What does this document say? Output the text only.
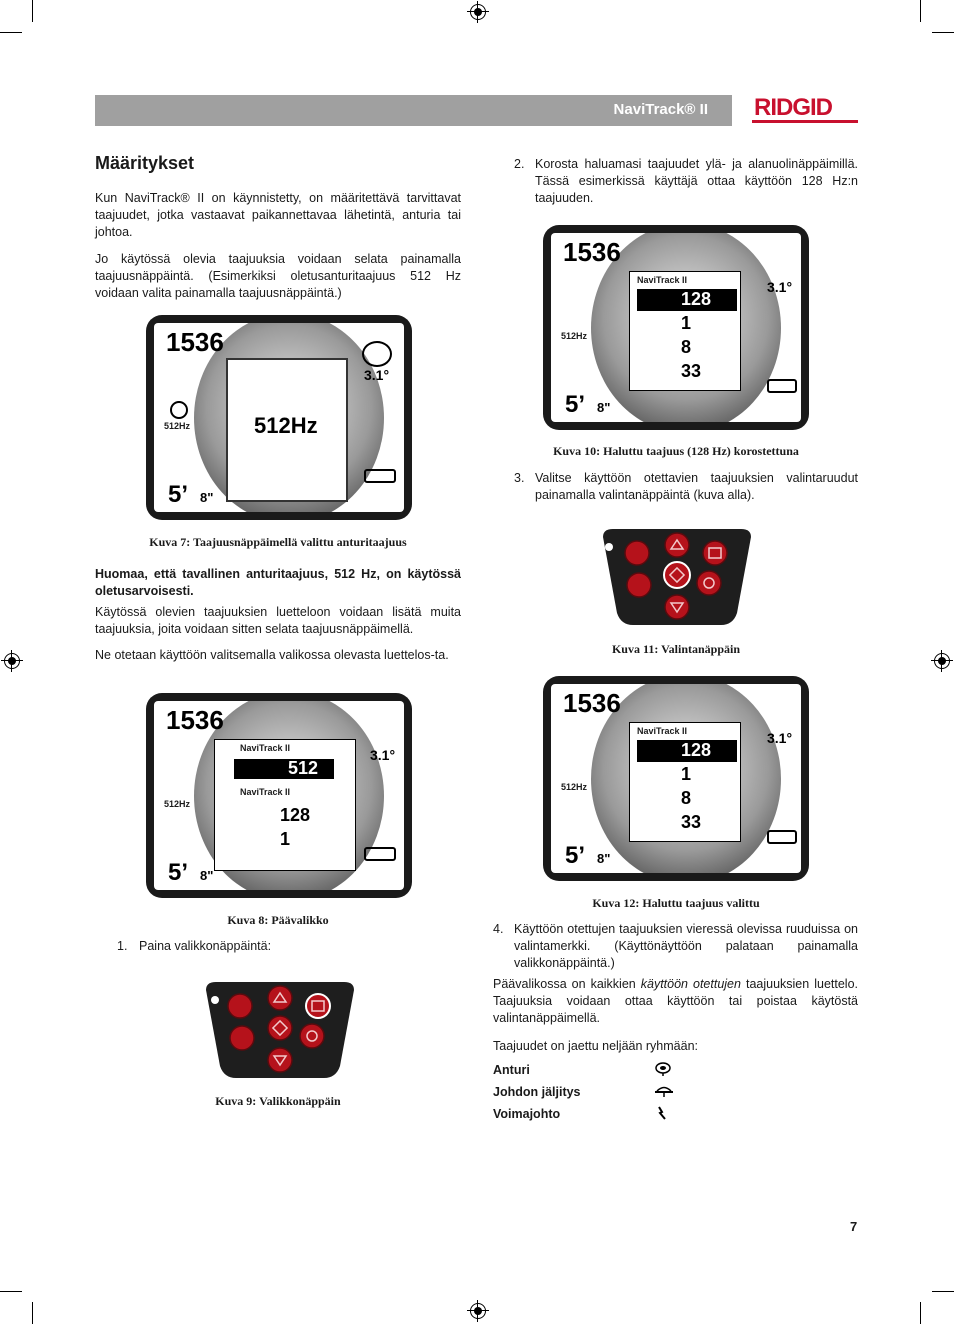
NaviTrack® II RIDGID
Määritykset

Kun NaviTrack® II on käynnistetty, on määritettävä tarvittavat taajuudet, jotka vastaavat paikannettavaa lähetintä, anturia tai johtoa.

Jo käytössä olevia taajuuksia voidaan selata painamalla taajuusnäppäintä. (Esimerkiksi oletusanturitaajuus 512 Hz voidaan valita painamalla taajuusnäppäintä.)

1536
3.1°
512Hz
512Hz
5’ 8"
Kuva 7: Taajuusnäppäimellä valittu anturitaajuus

Huomaa, että tavallinen anturitaajuus, 512 Hz, on käytössä oletusarvoisesti.

Käytössä olevien taajuuksien luetteloon voidaan lisätä muita taajuuksia, joita voidaan sitten selata taajuusnäppäimellä.

Ne otetaan käyttöön valitsemalla valikossa olevasta luettelos-ta.

1536
3.1°
NaviTrack II
512
NaviTrack II
128
1
512Hz
5’ 8"
Kuva 8: Päävalikko
1. Paina valikkonäppäintä:
Kuva 9: Valikkonäppäin
2. Korosta haluamasi taajuudet ylä- ja alanuolinäppäimillä. Tässä esimerkissä käyttäjä ottaa käyttöön 128 Hz:n taajuuden.

1536
3.1°
NaviTrack II
128
1
8
33
512Hz
5’ 8"
Kuva 10: Haluttu taajuus (128 Hz) korostettuna
3. Valitse käyttöön otettavien taajuuksien valintaruudut painamalla valintanäppäintä (kuva alla).

Kuva 11: Valintanäppäin
1536
3.1°
NaviTrack II
128
1
8
33
512Hz
5’ 8"
Kuva 12: Haluttu taajuus valittu
4. Käyttöön otettujen taajuuksien vieressä olevissa ruuduissa on valintamerkki. (Käyttönäyttöön palataan painamalla valikkonäppäintä.)

Päävalikossa on kaikkien käyttöön otettujen taajuuksien luettelo. Taajuuksia voidaan ottaa käyttöön tai poistaa käytöstä valintanäppäimellä.

Taajuudet on jaettu neljään ryhmään:

Anturi
Johdon jäljitys
Voimajohto
7
